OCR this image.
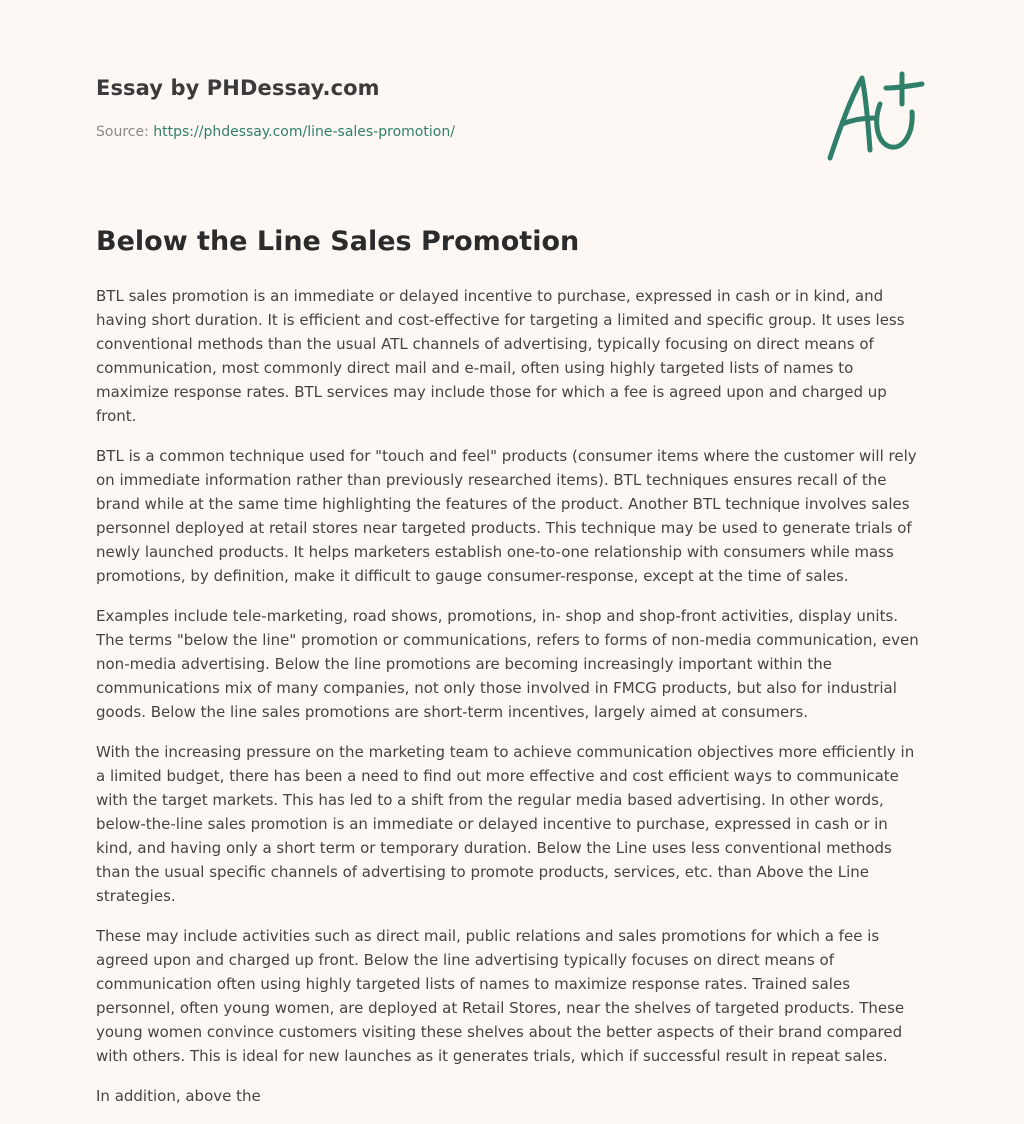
Essay by PHDessay.com

Source: https://phdessay.com/line-sales-promotion/

Below the Line Sales Promotion

BTL sales promotion is an immediate or delayed incentive to purchase, expressed in cash or in kind, and having short duration. It is efficient and cost-effective for targeting a limited and specific group. It uses less conventional methods than the usual ATL channels of advertising, typically focusing on direct means of communication, most commonly direct mail and e-mail, often using highly targeted lists of names to maximize response rates. BTL services may include those for which a fee is agreed upon and charged up front.

BTL is a common technique used for "touch and feel" products (consumer items where the customer will rely on immediate information rather than previously researched items). BTL techniques ensures recall of the brand while at the same time highlighting the features of the product. Another BTL technique involves sales personnel deployed at retail stores near targeted products. This technique may be used to generate trials of newly launched products. It helps marketers establish one-to-one relationship with consumers while mass promotions, by definition, make it difficult to gauge consumer-response, except at the time of sales.

Examples include tele-marketing, road shows, promotions, in- shop and shop-front activities, display units. The terms "below the line" promotion or communications, refers to forms of non-media communication, even non-media advertising. Below the line promotions are becoming increasingly important within the communications mix of many companies, not only those involved in FMCG products, but also for industrial goods. Below the line sales promotions are short-term incentives, largely aimed at consumers.

With the increasing pressure on the marketing team to achieve communication objectives more efficiently in a limited budget, there has been a need to find out more effective and cost efficient ways to communicate with the target markets. This has led to a shift from the regular media based advertising. In other words, below-the-line sales promotion is an immediate or delayed incentive to purchase, expressed in cash or in kind, and having only a short term or temporary duration. Below the Line uses less conventional methods than the usual specific channels of advertising to promote products, services, etc. than Above the Line strategies.

These may include activities such as direct mail, public relations and sales promotions for which a fee is agreed upon and charged up front. Below the line advertising typically focuses on direct means of communication often using highly targeted lists of names to maximize response rates. Trained sales personnel, often young women, are deployed at Retail Stores, near the shelves of targeted products. These young women convince customers visiting these shelves about the better aspects of their brand compared with others. This is ideal for new launches as it generates trials, which if successful result in repeat sales.

In addition, above the
